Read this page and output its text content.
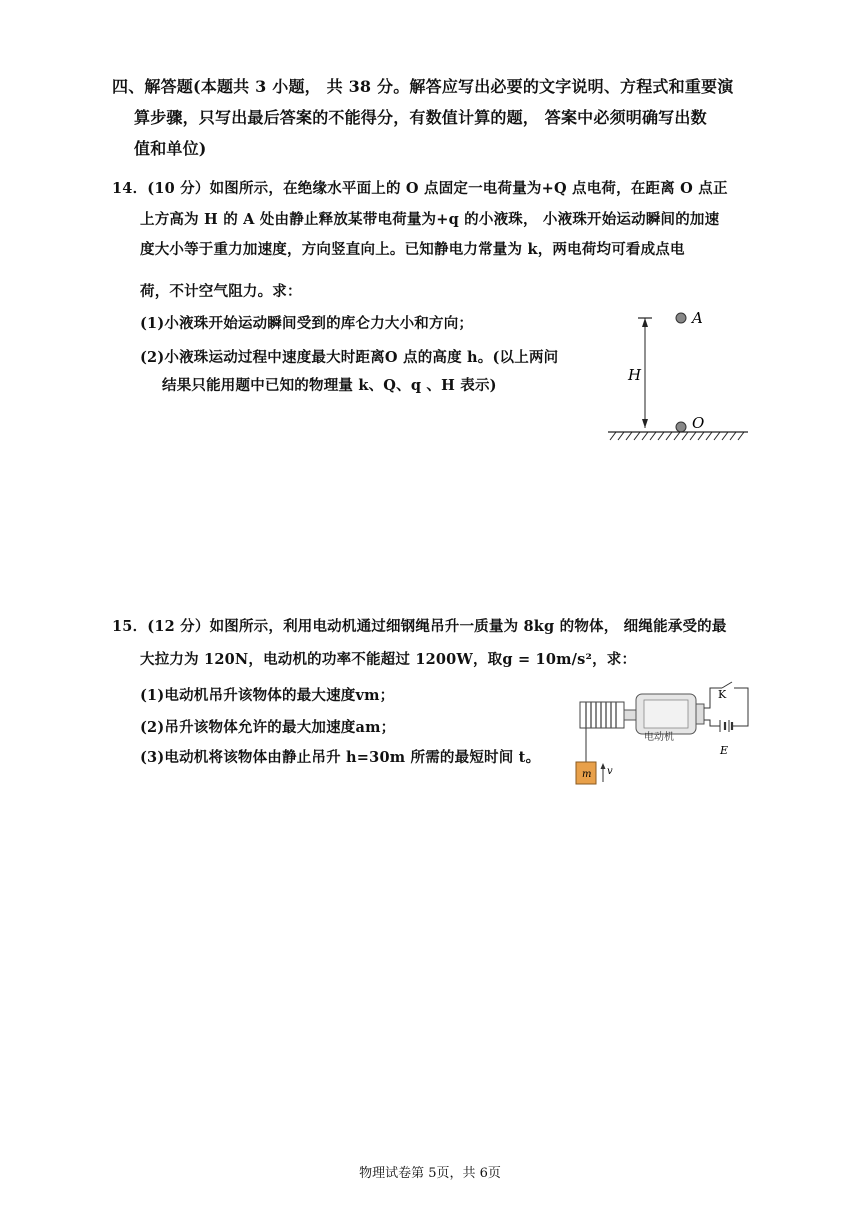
四、解答题(本题共 3 小题， 共 38 分。解答应写出必要的文字说明、方程式和重要演
算步骤，只写出最后答案的不能得分，有数值计算的题， 答案中必须明确写出数
值和单位)
14．(10 分）如图所示，在绝缘水平面上的 O 点固定一电荷量为+Q 点电荷，在距离 O 点正
上方高为 H 的 A 处由静止释放某带电荷量为+q 的小液珠， 小液珠开始运动瞬间的加速
度大小等于重力加速度，方向竖直向上。已知静电力常量为 k，两电荷均可看成点电
荷，不计空气阻力。求：
(1)小液珠开始运动瞬间受到的库仑力大小和方向；
(2)小液珠运动过程中速度最大时距离O 点的高度 h。(以上两问
结果只能用题中已知的物理量 k、Q、q 、H 表示)
H
A
O
15．(12 分）如图所示，利用电动机通过细钢绳吊升一质量为 8kg 的物体， 细绳能承受的最
大拉力为 120N，电动机的功率不能超过 1200W，取g = 10m/s²，求：
(1)电动机吊升该物体的最大速度vm；
(2)吊升该物体允许的最大加速度am；
(3)电动机将该物体由静止吊升 h=30m 所需的最短时间 t。
K
E
电动机
m v
物理试卷第 5页，共 6页
